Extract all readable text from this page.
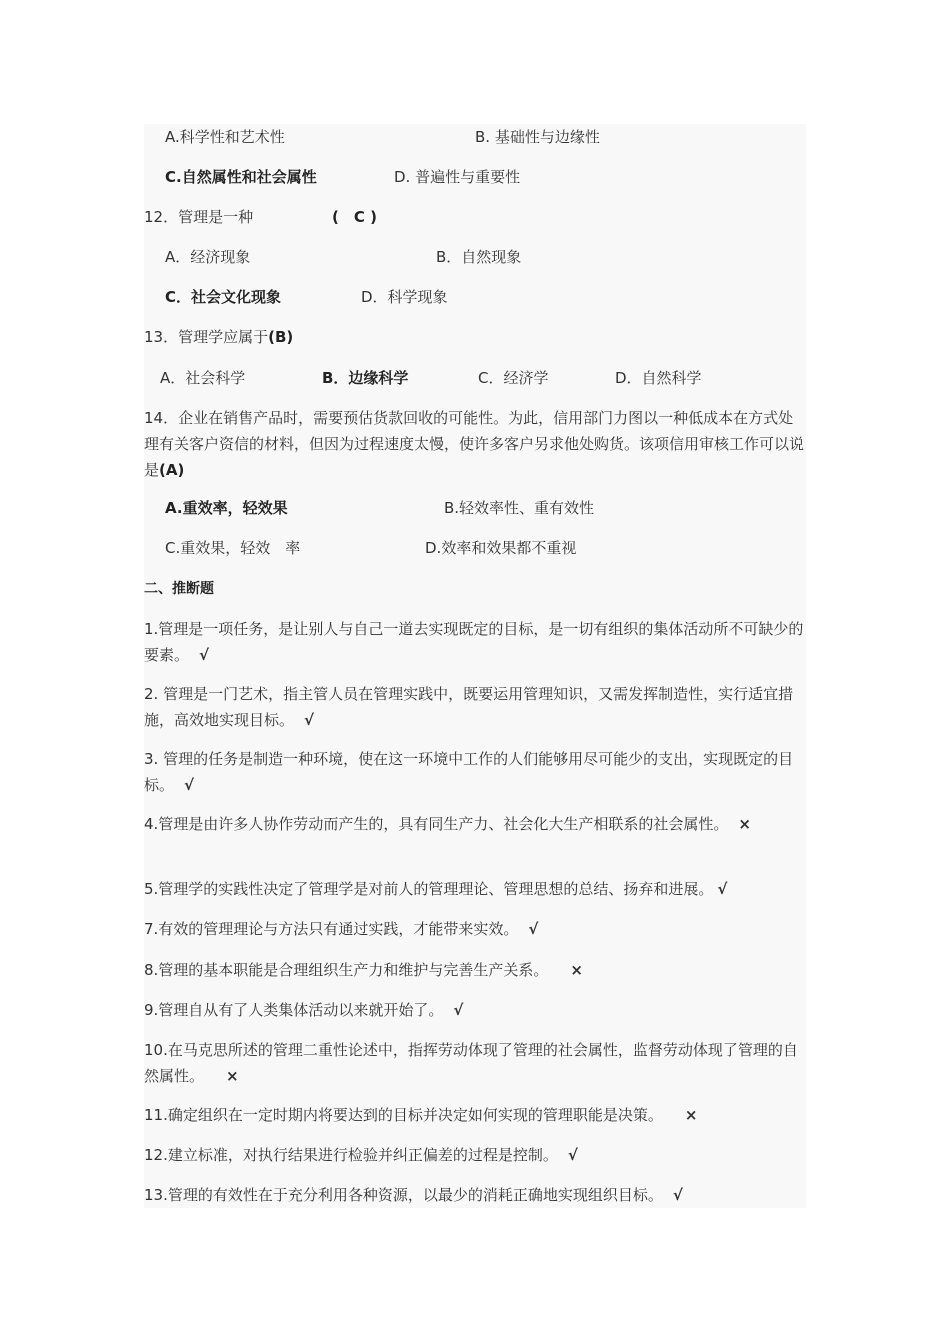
A.科学性和艺术性	B. 基础性与边缘性
C.自然属性和社会属性	D. 普遍性与重要性
12．管理是一种	(　C )
A．经济现象	B．自然现象
C．社会文化现象	D．科学现象
13．管理学应属于(B)
A．社会科学	B．边缘科学	C．经济学	D．自然科学
14．企业在销售产品时，需要预估货款回收的可能性。为此，信用部门力图以一种低成本在方式处理有关客户资信的材料，但因为过程速度太慢，使许多客户另求他处购货。该项信用审核工作可以说是(A)
A.重效率，轻效果	B.轻效率性、重有效性
C.重效果，轻效　率	D.效率和效果都不重视
二、推断题
1.管理是一项任务，是让别人与自己一道去实现既定的目标，是一切有组织的集体活动所不可缺少的要素。 √
2. 管理是一门艺术，指主管人员在管理实践中，既要运用管理知识，又需发挥制造性，实行适宜措施，高效地实现目标。 √
3. 管理的任务是制造一种环境，使在这一环境中工作的人们能够用尽可能少的支出，实现既定的目标。 √
4.管理是由许多人协作劳动而产生的，具有同生产力、社会化大生产相联系的社会属性。 ×
5.管理学的实践性决定了管理学是对前人的管理理论、管理思想的总结、扬弃和进展。 √
7.有效的管理理论与方法只有通过实践，才能带来实效。 √
8.管理的基本职能是合理组织生产力和维护与完善生产关系。 ×
9.管理自从有了人类集体活动以来就开始了。 √
10.在马克思所述的管理二重性论述中，指挥劳动体现了管理的社会属性，监督劳动体现了管理的自然属性。 ×
11.确定组织在一定时期内将要达到的目标并决定如何实现的管理职能是决策。 ×
12.建立标准，对执行结果进行检验并纠正偏差的过程是控制。 √
13.管理的有效性在于充分利用各种资源，以最少的消耗正确地实现组织目标。 √
